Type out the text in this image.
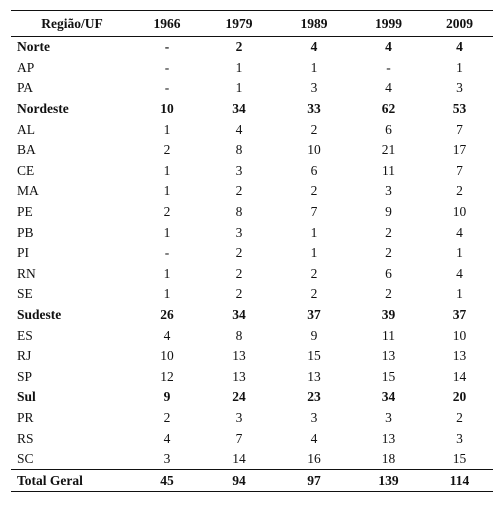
Região/UF	1966	1979	1989	1999	2009
Norte	-	2	4	4	4
AP	-	1	1	-	1
PA	-	1	3	4	3
Nordeste	10	34	33	62	53
AL	1	4	2	6	7
BA	2	8	10	21	17
CE	1	3	6	11	7
MA	1	2	2	3	2
PE	2	8	7	9	10
PB	1	3	1	2	4
PI	-	2	1	2	1
RN	1	2	2	6	4
SE	1	2	2	2	1
Sudeste	26	34	37	39	37
ES	4	8	9	11	10
RJ	10	13	15	13	13
SP	12	13	13	15	14
Sul	9	24	23	34	20
PR	2	3	3	3	2
RS	4	7	4	13	3
SC	3	14	16	18	15
Total Geral	45	94	97	139	114
